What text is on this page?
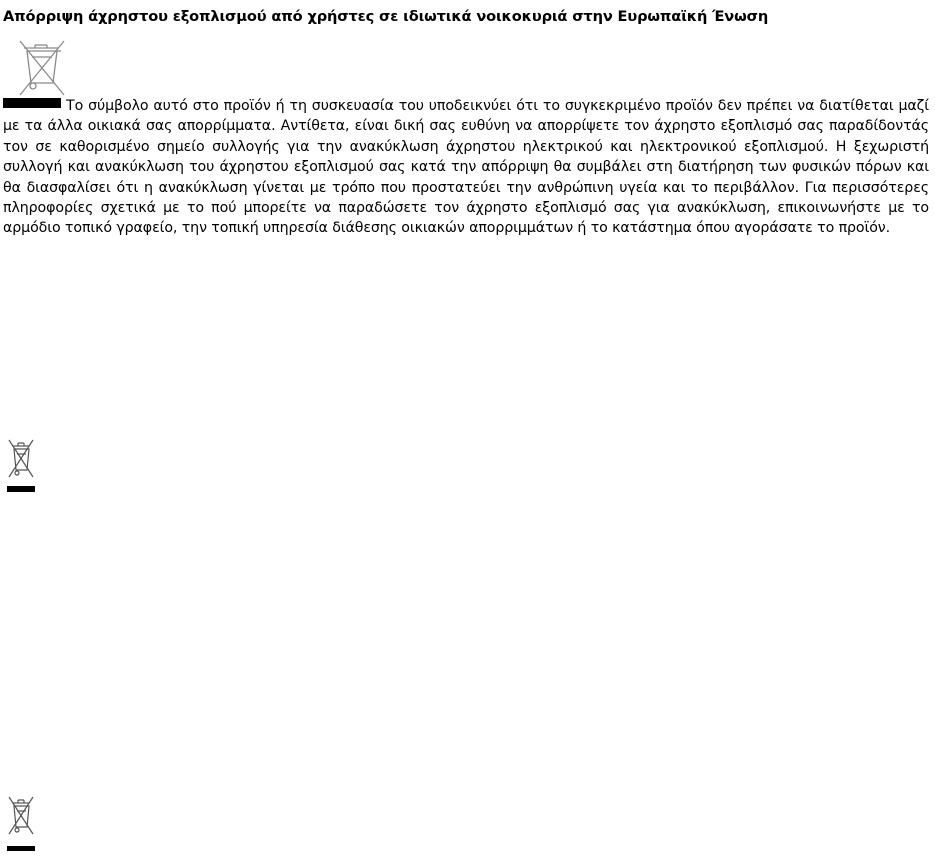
Απόρριψη άχρηστου εξοπλισμού από χρήστες σε ιδιωτικά νοικοκυριά στην Ευρωπαϊκή Ένωση

Το σύμβολο αυτό στο προϊόν ή τη συσκευασία του υποδεικνύει ότι το συγκεκριμένο προϊόν δεν πρέπει να διατίθεται μαζί με τα άλλα οικιακά σας απορρίμματα. Αντίθετα, είναι δική σας ευθύνη να απορρίψετε τον άχρηστο εξοπλισμό σας παραδίδοντάς τον σε καθορισμένο σημείο συλλογής για την ανακύκλωση άχρηστου ηλεκτρικού και ηλεκτρονικού εξοπλισμού. Η ξεχωριστή συλλογή και ανακύκλωση του άχρηστου εξοπλισμού σας κατά την απόρριψη θα συμβάλει στη διατήρηση των φυσικών πόρων και θα διασφαλίσει ότι η ανακύκλωση γίνεται με τρόπο που προστατεύει την ανθρώπινη υγεία και το περιβάλλον. Για περισσότερες πληροφορίες σχετικά με το πού μπορείτε να παραδώσετε τον άχρηστο εξοπλισμό σας για ανακύκλωση, επικοινωνήστε με το αρμόδιο τοπικό γραφείο, την τοπική υπηρεσία διάθεσης οικιακών απορριμμάτων ή το κατάστημα όπου αγοράσατε το προϊόν.
